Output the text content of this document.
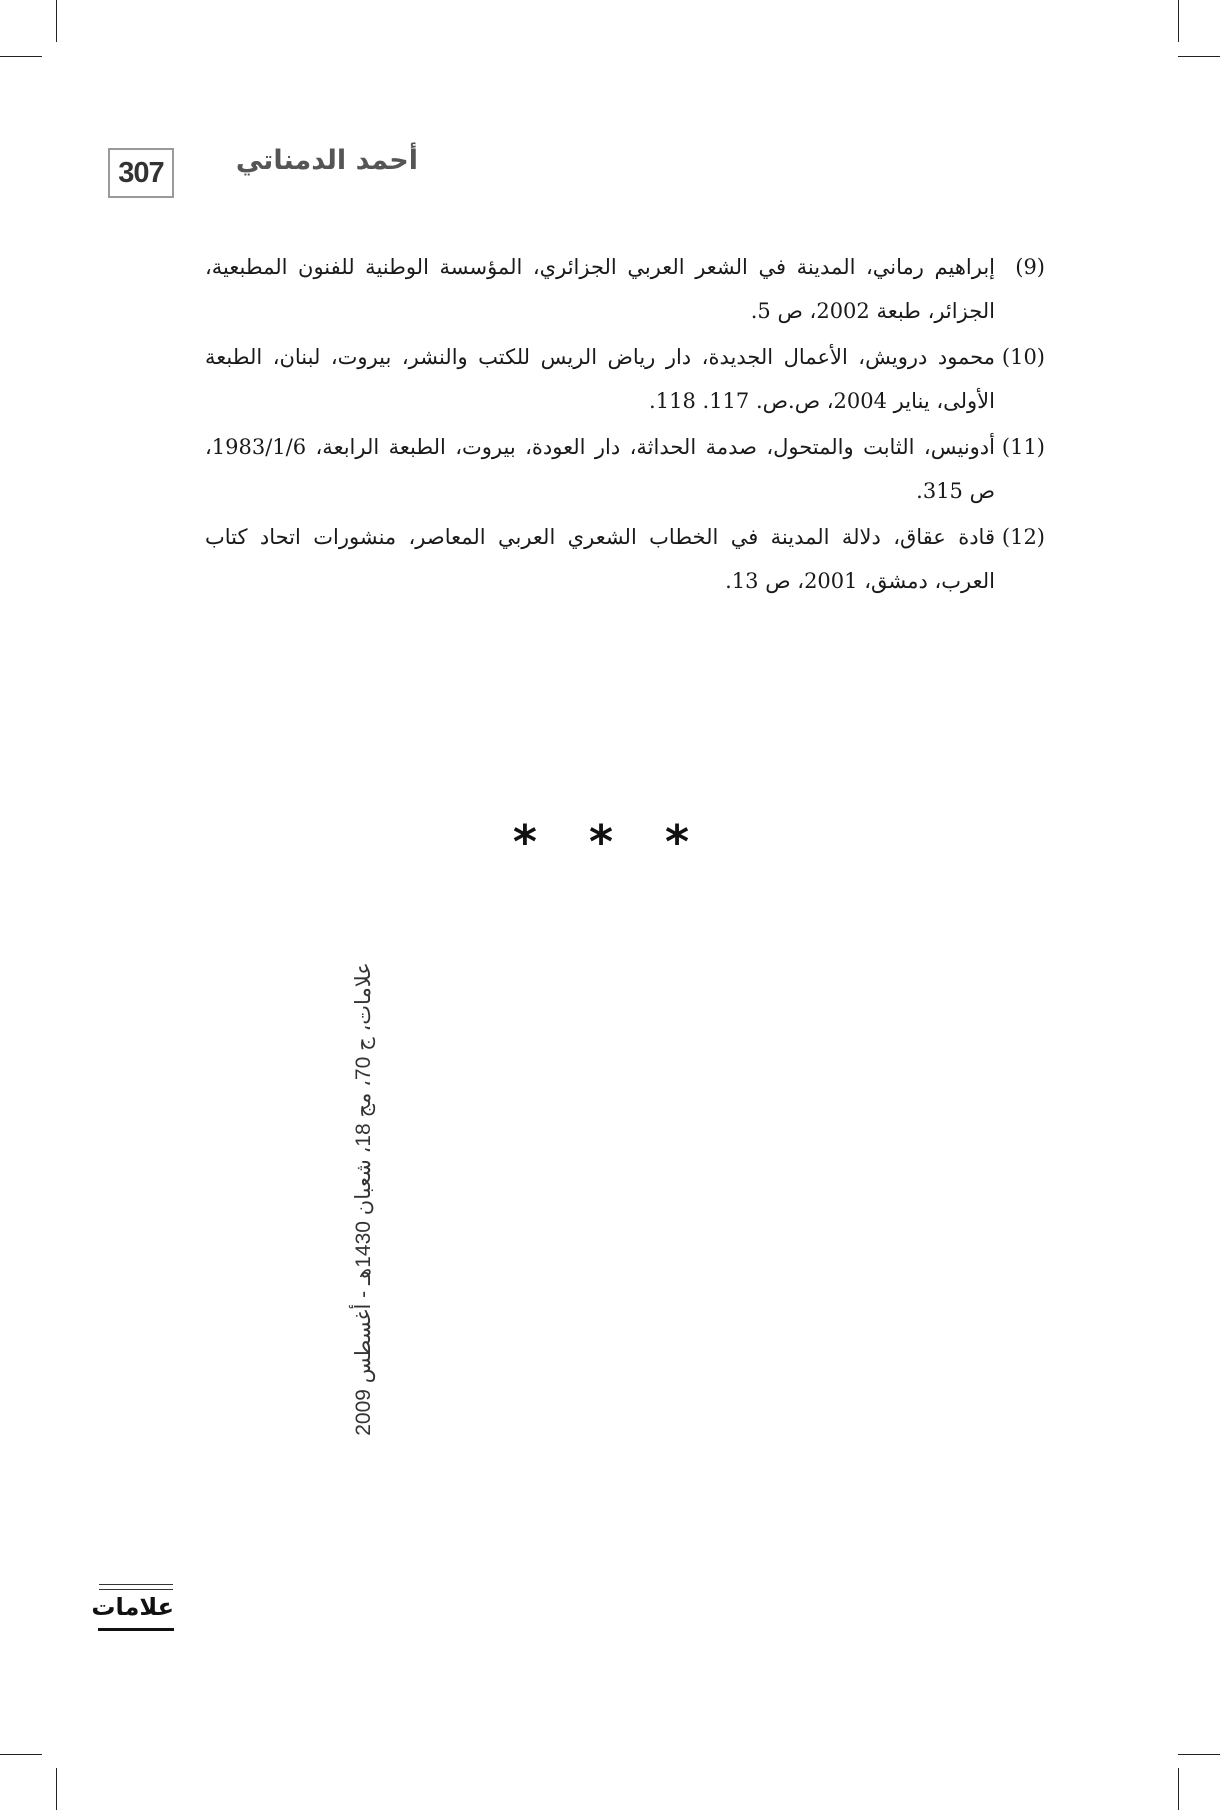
307	أحمد الدمناتي
(9)
إبراهيم رماني، المدينة في الشعر العربي الجزائري، المؤسسة الوطنية للفنون المطبعية، الجزائر، طبعة 2002، ص 5.
(10)
محمود درويش، الأعمال الجديدة، دار رياض الريس للكتب والنشر، بيروت، لبنان، الطبعة الأولى، يناير 2004، ص.ص. 117. 118.
(11)
أدونيس، الثابت والمتحول، صدمة الحداثة، دار العودة، بيروت، الطبعة الرابعة، 1983/1/6، ص 315.
(12)
قادة عقاق، دلالة المدينة في الخطاب الشعري العربي المعاصر، منشورات اتحاد كتاب العرب، دمشق، 2001، ص 13.
* * *
علامات، ج 70، مج 18، شعبان 1430هـ - أغسطس 2009
علامات
